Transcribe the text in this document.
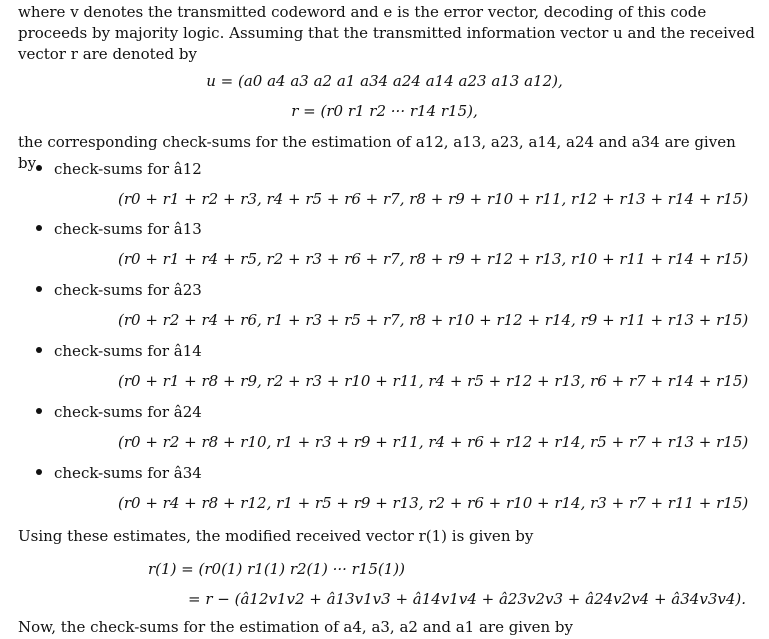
where v denotes the transmitted codeword and e is the error vector, decoding of this code proceeds by majority logic. Assuming that the transmitted information vector u and the received vector r are denoted by
u = (a0 a4 a3 a2 a1 a34 a24 a14 a23 a13 a12),
r = (r0 r1 r2 ··· r14 r15),
the corresponding check-sums for the estimation of a12, a13, a23, a14, a24 and a34 are given by	check-sums for â12
(r0 + r1 + r2 + r3, r4 + r5 + r6 + r7, r8 + r9 + r10 + r11, r12 + r13 + r14 + r15)
check-sums for â13
(r0 + r1 + r4 + r5, r2 + r3 + r6 + r7, r8 + r9 + r12 + r13, r10 + r11 + r14 + r15)
check-sums for â23
(r0 + r2 + r4 + r6, r1 + r3 + r5 + r7, r8 + r10 + r12 + r14, r9 + r11 + r13 + r15)
check-sums for â14
(r0 + r1 + r8 + r9, r2 + r3 + r10 + r11, r4 + r5 + r12 + r13, r6 + r7 + r14 + r15)
check-sums for â24
(r0 + r2 + r8 + r10, r1 + r3 + r9 + r11, r4 + r6 + r12 + r14, r5 + r7 + r13 + r15)
check-sums for â34
(r0 + r4 + r8 + r12, r1 + r5 + r9 + r13, r2 + r6 + r10 + r14, r3 + r7 + r11 + r15)
Using these estimates, the modified received vector r(1) is given by
r(1) = (r0(1) r1(1) r2(1) ··· r15(1))
= r − (â12v1v2 + â13v1v3 + â14v1v4 + â23v2v3 + â24v2v4 + â34v3v4).
Now, the check-sums for the estimation of a4, a3, a2 and a1 are given by
